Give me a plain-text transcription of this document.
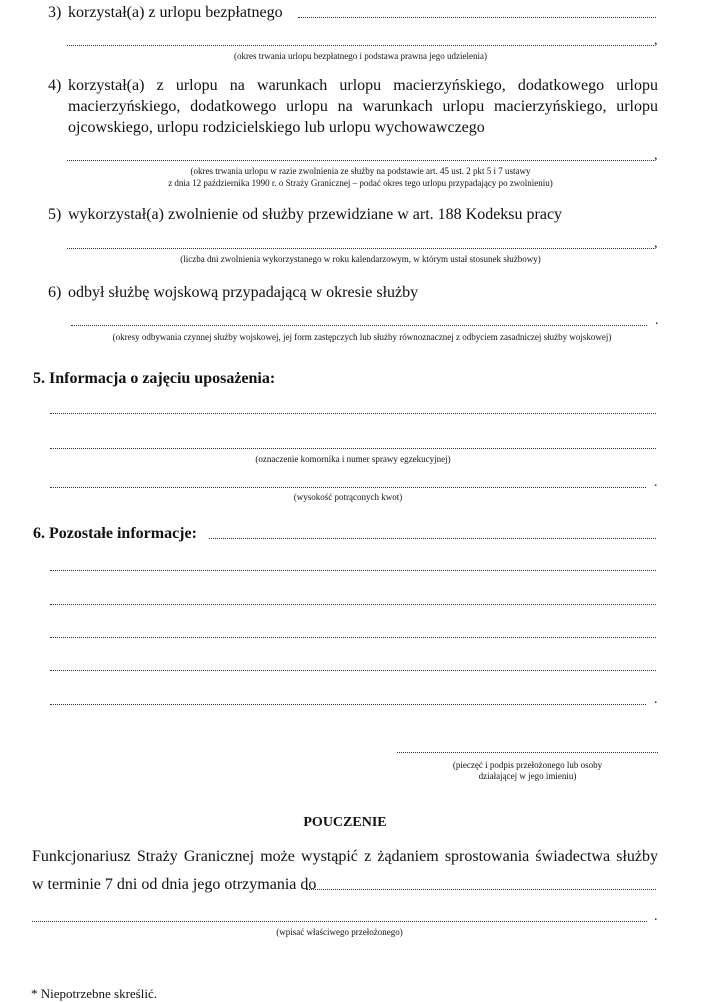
3) korzystał(a) z urlopu bezpłatnego
,
(okres trwania urlopu bezpłatnego i podstawa prawna jego udzielenia)
4) korzystał(a) z urlopu na warunkach urlopu macierzyńskiego, dodatkowego urlopu
macierzyńskiego, dodatkowego urlopu na warunkach urlopu macierzyńskiego, urlopu
ojcowskiego, urlopu rodzicielskiego lub urlopu wychowawczego
,
(okres trwania urlopu w razie zwolnienia ze służby na podstawie art. 45 ust. 2 pkt 5 i 7 ustawy
z dnia 12 października 1990 r. o Straży Granicznej – podać okres tego urlopu przypadający po zwolnieniu)
5) wykorzystał(a) zwolnienie od służby przewidziane w art. 188 Kodeksu pracy
,
(liczba dni zwolnienia wykorzystanego w roku kalendarzowym, w którym ustał stosunek służbowy)
6) odbył służbę wojskową przypadającą w okresie służby
.
(okresy odbywania czynnej służby wojskowej, jej form zastępczych lub służby równoznacznej z odbyciem zasadniczej służby wojskowej)
5. Informacja o zajęciu uposażenia:
(oznaczenie komornika i numer sprawy egzekucyjnej)
.
(wysokość potrąconych kwot)
6. Pozostałe informacje:
.
(pieczęć i podpis przełożonego lub osoby
działającej w jego imieniu)
POUCZENIE
Funkcjonariusz Straży Granicznej może wystąpić z żądaniem sprostowania świadectwa służby
w terminie 7 dni od dnia jego otrzymania do
.
(wpisać właściwego przełożonego)
* Niepotrzebne skreślić.
